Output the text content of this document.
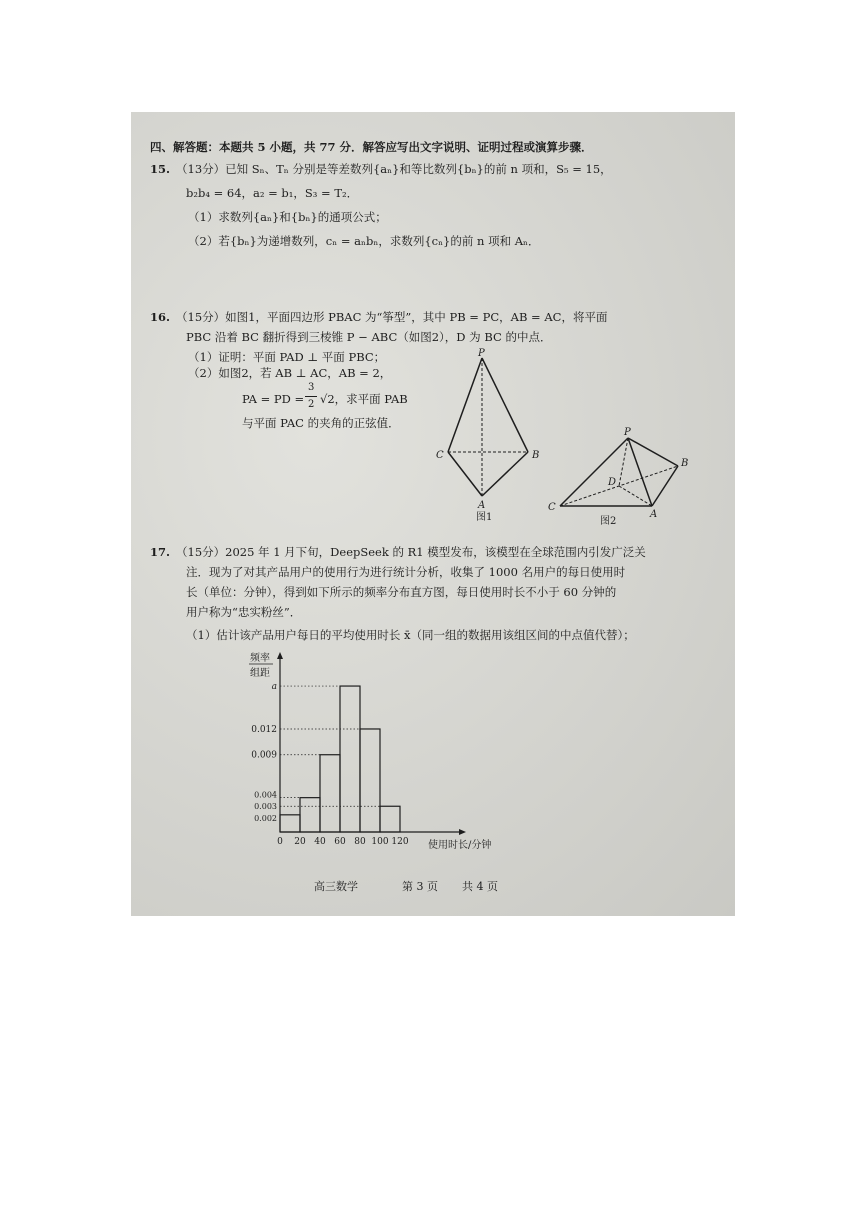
四、解答题：本题共 5 小题，共 77 分．解答应写出文字说明、证明过程或演算步骤．
15. （13分）已知 Sₙ、Tₙ 分别是等差数列{aₙ}和等比数列{bₙ}的前 n 项和，S₅ = 15，
b₂b₄ = 64，a₂ = b₁，S₃ = T₂．
（1）求数列{aₙ}和{bₙ}的通项公式；
（2）若{bₙ}为递增数列，cₙ = aₙbₙ，求数列{cₙ}的前 n 项和 Aₙ．
16. （15分）如图1，平面四边形 PBAC 为“筝型”，其中 PB = PC，AB = AC，将平面
PBC 沿着 BC 翻折得到三棱锥 P − ABC（如图2），D 为 BC 的中点．
（1）证明：平面 PAD ⊥ 平面 PBC；
（2）如图2，若 AB ⊥ AC，AB = 2，
PA = PD =
3
2 √2，求平面 PAB
与平面 PAC 的夹角的正弦值．
P
B
C
A
图1
P
B
C
A
D
图2
17. （15分）2025 年 1 月下旬，DeepSeek 的 R1 模型发布，该模型在全球范围内引发广泛关
注．现为了对其产品用户的使用行为进行统计分析，收集了 1000 名用户的每日使用时
长（单位：分钟），得到如下所示的频率分布直方图，每日使用时长不小于 60 分钟的
用户称为“忠实粉丝”．
（1）估计该产品用户每日的平均使用时长 x̄（同一组的数据用该组区间的中点值代替）；
频率
组距
a
0.012
0.009
0.004
0.003
0.002
0 20 40 60 80 100 120 使用时长/分钟
高三数学	第 3 页 共 4 页
